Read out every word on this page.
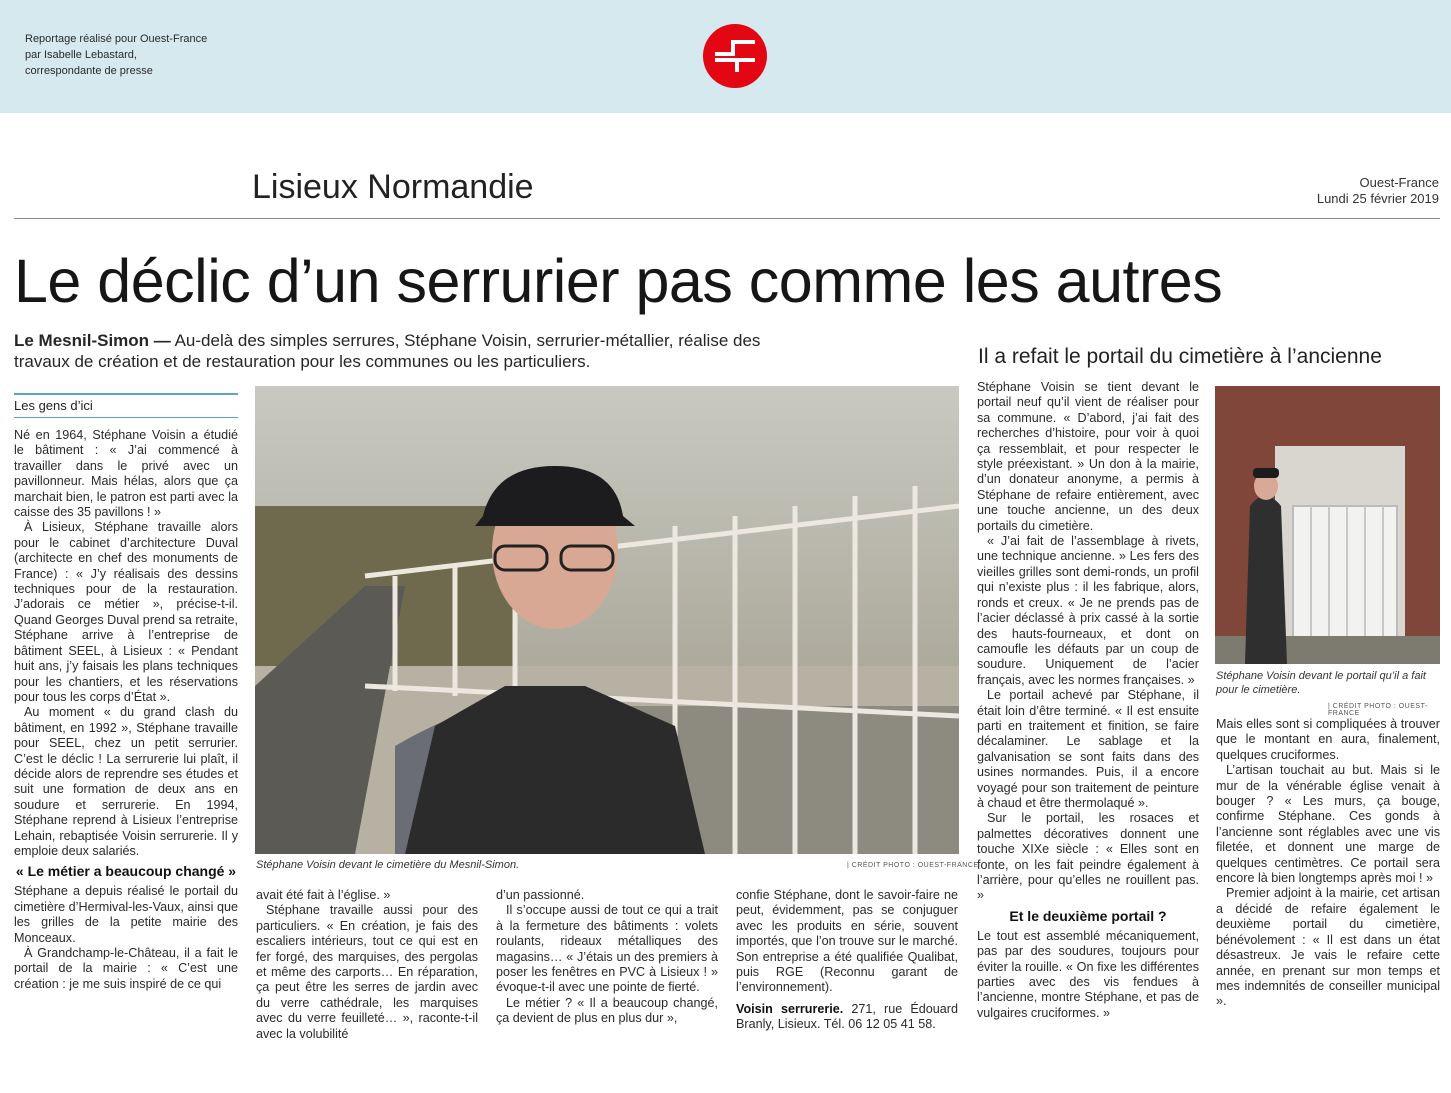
Reportage réalisé pour Ouest-France
par Isabelle Lebastard,
correspondante de presse
Lisieux Normandie	Ouest-France
Lundi 25 février 2019
Le déclic d’un serrurier pas comme les autres
Le Mesnil-Simon — Au-delà des simples serrures, Stéphane Voisin, serrurier-métallier, réalise des travaux de création et de restauration pour les communes ou les particuliers.	Il a refait le portail du cimetière à l’ancienne
Les gens d’ici

Né en 1964, Stéphane Voisin a étudié le bâtiment : « J’ai commencé à travailler dans le privé avec un pavillonneur. Mais hélas, alors que ça marchait bien, le patron est parti avec la caisse des 35 pavillons ! »

À Lisieux, Stéphane travaille alors pour le cabinet d’architecture Duval (architecte en chef des monuments de France) : « J’y réalisais des dessins techniques pour de la restauration. J’adorais ce métier », précise-t-il. Quand Georges Duval prend sa retraite, Stéphane arrive à l’entreprise de bâtiment SEEL, à Lisieux : « Pendant huit ans, j’y faisais les plans techniques pour les chantiers, et les réservations pour tous les corps d’État ».

Au moment « du grand clash du bâtiment, en 1992 », Stéphane travaille pour SEEL, chez un petit serrurier. C’est le déclic ! La serrurerie lui plaît, il décide alors de reprendre ses études et suit une formation de deux ans en soudure et serrurerie. En 1994, Stéphane reprend à Lisieux l’entreprise Lehain, rebaptisée Voisin serrurerie. Il y emploie deux salariés.

« Le métier a beaucoup changé »

Stéphane a depuis réalisé le portail du cimetière d’Hermival-les-Vaux, ainsi que les grilles de la petite mairie des Monceaux.

À Grandchamp-le-Château, il a fait le portail de la mairie : « C’est une création : je me suis inspiré de ce qui

Stéphane Voisin devant le cimetière du Mesnil-Simon.	| CRÉDIT PHOTO : OUEST-FRANCE

avait été fait à l’église. »

Stéphane travaille aussi pour des particuliers. « En création, je fais des escaliers intérieurs, tout ce qui est en fer forgé, des marquises, des pergolas et même des carports… En réparation, ça peut être les serres de jardin avec du verre cathédrale, les marquises avec du verre feuilleté… », raconte-t-il avec la volubilité

d’un passionné.

Il s’occupe aussi de tout ce qui a trait à la fermeture des bâtiments : volets roulants, rideaux métalliques des magasins… « J’étais un des premiers à poser les fenêtres en PVC à Lisieux ! » évoque-t-il avec une pointe de fierté.

Le métier ? « Il a beaucoup changé, ça devient de plus en plus dur »,

confie Stéphane, dont le savoir-faire ne peut, évidemment, pas se conjuguer avec les produits en série, souvent importés, que l’on trouve sur le marché. Son entreprise a été qualifiée Qualibat, puis RGE (Reconnu garant de l’environnement).

Voisin serrurerie. 271, rue Édouard Branly, Lisieux. Tél. 06 12 05 41 58.

Stéphane Voisin se tient devant le portail neuf qu’il vient de réaliser pour sa commune. « D’abord, j’ai fait des recherches d’histoire, pour voir à quoi ça ressemblait, et pour respecter le style préexistant. » Un don à la mairie, d’un donateur anonyme, a permis à Stéphane de refaire entièrement, avec une touche ancienne, un des deux portails du cimetière.

« J’ai fait de l’assemblage à rivets, une technique ancienne. » Les fers des vieilles grilles sont demi-ronds, un profil qui n’existe plus : il les fabrique, alors, ronds et creux. « Je ne prends pas de l’acier déclassé à prix cassé à la sortie des hauts-fourneaux, et dont on camoufle les défauts par un coup de soudure. Uniquement de l’acier français, avec les normes françaises. »

Le portail achevé par Stéphane, il était loin d’être terminé. « Il est ensuite parti en traitement et finition, se faire décalaminer. Le sablage et la galvanisation se sont faits dans des usines normandes. Puis, il a encore voyagé pour son traitement de peinture à chaud et être thermolaqué ».

Sur le portail, les rosaces et palmettes décoratives donnent une touche XIXe siècle : « Elles sont en fonte, on les fait peindre également à l’arrière, pour qu’elles ne rouillent pas. »

Et le deuxième portail ?

Le tout est assemblé mécaniquement, pas par des soudures, toujours pour éviter la rouille. « On fixe les différentes parties avec des vis fendues à l’ancienne, montre Stéphane, et pas de vulgaires cruciformes. »

Stéphane Voisin devant le portail qu’il a fait pour le cimetière.
| CRÉDIT PHOTO : OUEST-FRANCE

Mais elles sont si compliquées à trouver que le montant en aura, finalement, quelques cruciformes.

L’artisan touchait au but. Mais si le mur de la vénérable église venait à bouger ? « Les murs, ça bouge, confirme Stéphane. Ces gonds à l’ancienne sont réglables avec une vis filetée, et donnent une marge de quelques centimètres. Ce portail sera encore là bien longtemps après moi ! »

Premier adjoint à la mairie, cet artisan a décidé de refaire également le deuxième portail du cimetière, bénévolement : « Il est dans un état désastreux. Je vais le refaire cette année, en prenant sur mon temps et mes indemnités de conseiller municipal ».
